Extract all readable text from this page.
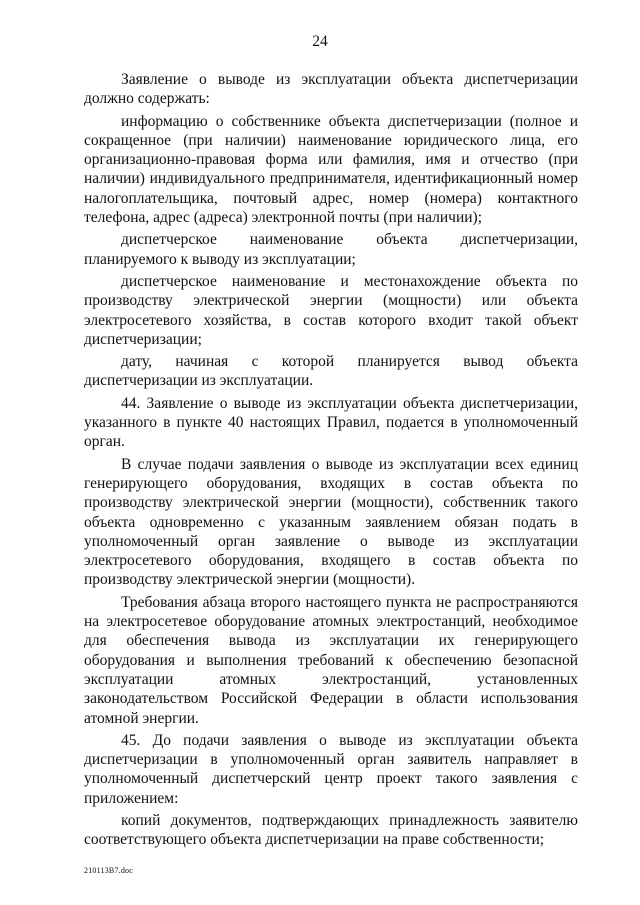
24

Заявление о выводе из эксплуатации объекта диспетчеризации должно содержать:

информацию о собственнике объекта диспетчеризации (полное и сокращенное (при наличии) наименование юридического лица, его организационно-правовая форма или фамилия, имя и отчество (при наличии) индивидуального предпринимателя, идентификационный номер налогоплательщика, почтовый адрес, номер (номера) контактного телефона, адрес (адреса) электронной почты (при наличии);

диспетчерское наименование объекта диспетчеризации, планируемого к выводу из эксплуатации;

диспетчерское наименование и местонахождение объекта по производству электрической энергии (мощности) или объекта электросетевого хозяйства, в состав которого входит такой объект диспетчеризации;

дату, начиная с которой планируется вывод объекта диспетчеризации из эксплуатации.

44. Заявление о выводе из эксплуатации объекта диспетчеризации, указанного в пункте 40 настоящих Правил, подается в уполномоченный орган.

В случае подачи заявления о выводе из эксплуатации всех единиц генерирующего оборудования, входящих в состав объекта по производству электрической энергии (мощности), собственник такого объекта одновременно с указанным заявлением обязан подать в уполномоченный орган заявление о выводе из эксплуатации электросетевого оборудования, входящего в состав объекта по производству электрической энергии (мощности).

Требования абзаца второго настоящего пункта не распространяются на электросетевое оборудование атомных электростанций, необходимое для обеспечения вывода из эксплуатации их генерирующего оборудования и выполнения требований к обеспечению безопасной эксплуатации атомных электростанций, установленных законодательством Российской Федерации в области использования атомной энергии.

45. До подачи заявления о выводе из эксплуатации объекта диспетчеризации в уполномоченный орган заявитель направляет в уполномоченный диспетчерский центр проект такого заявления с приложением:

копий документов, подтверждающих принадлежность заявителю соответствующего объекта диспетчеризации на праве собственности;

210113В7.doc
